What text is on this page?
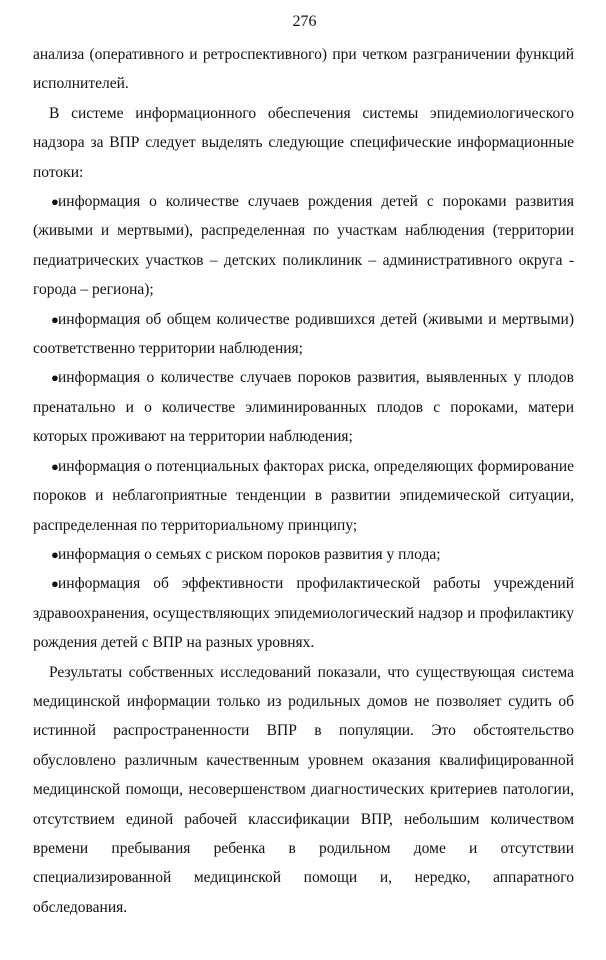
276

анализа (оперативного и ретроспективного) при четком разграничении функций исполнителей.

В системе информационного обеспечения системы эпидемиологического надзора за ВПР следует выделять следующие специфические информационные потоки:

●информация о количестве случаев рождения детей с пороками развития (живыми и мертвыми), распределенная по участкам наблюдения (территории педиатрических участков – детских поликлиник – административного округа - города – региона);

●информация об общем количестве родившихся детей (живыми и мертвыми) соответственно территории наблюдения;

●информация о количестве случаев пороков развития, выявленных у плодов пренатально и о количестве элиминированных плодов с пороками, матери которых проживают на территории наблюдения;

●информация о потенциальных факторах риска, определяющих формирование пороков и неблагоприятные тенденции в развитии эпидемической ситуации, распределенная по территориальному принципу;

●информация о семьях с риском пороков развития у плода;

●информация об эффективности профилактической работы учреждений здравоохранения, осуществляющих эпидемиологический надзор и профилактику рождения детей с ВПР на разных уровнях.

Результаты собственных исследований показали, что существующая система медицинской информации только из родильных домов не позволяет судить об истинной распространенности ВПР в популяции. Это обстоятельство обусловлено различным качественным уровнем оказания квалифицированной медицинской помощи, несовершенством диагностических критериев патологии, отсутствием единой рабочей классификации ВПР, небольшим количеством времени пребывания ребенка в родильном доме и отсутствии специализированной медицинской помощи и, нередко, аппаратного обследования.
